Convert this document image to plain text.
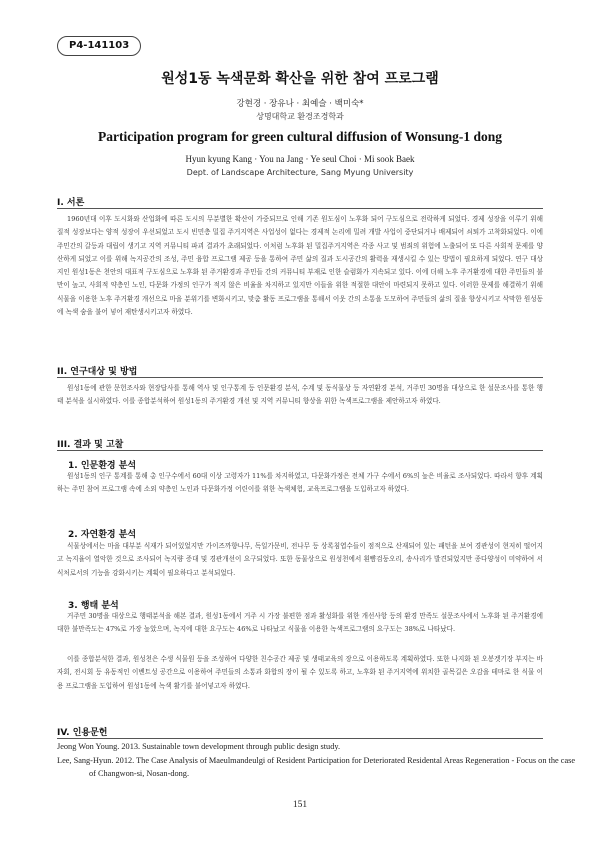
P4-141103
원성1동 녹색문화 확산을 위한 참여 프로그램
강현경 · 장유나 · 최예슬 · 백미숙*
상명대학교 환경조경학과
Participation program for green cultural diffusion of Wonsung-1 dong
Hyun kyung Kang · You na Jang · Ye seul Choi · Mi sook Baek
Dept. of Landscape Architecture, Sang Myung University
I. 서론

1960년대 이후 도시화와 산업화에 따른 도시의 무분별한 확산이 가중되므로 인해 기존 원도심이 노후화 되어 구도심으로 전락하게 되었다. 경제 성장을 이루기 위해 질적 성장보다는 양적 성장이 우선되었고 도시 빈민층 밀집 주거지역은 사업성이 없다는 경제적 논리에 밀려 개발 사업이 중단되거나 배제되어 쇠퇴가 고착화되었다. 이에 주민간의 갈등과 대립이 생기고 지역 커뮤니티 파괴 결과가 초래되었다. 이처럼 노후화 된 밀집주거지역은 각종 사고 및 범죄의 위험에 노출되어 또 다른 사회적 문제를 양산하게 되었고 이를 위해 녹지공간의 조성, 주민 융합 프로그램 제공 등을 통하여 주민 삶의 질과 도시공간의 활력을 재생시킬 수 있는 방법이 필요하게 되었다. 연구 대상지인 원성1동은 천안의 대표적 구도심으로 노후화 된 주거환경과 주민들 간의 커뮤니티 부재로 인한 슬럼화가 지속되고 있다. 이에 더해 노후 주거환경에 대한 주민들의 불만이 높고, 사회적 약층인 노인, 다문화 가정의 인구가 적지 않은 비율을 차지하고 있지만 이들을 위한 적절한 대안이 마련되지 못하고 있다. 이러한 문제를 해결하기 위해 식물을 이용한 노후 주거환경 개선으로 마을 분위기를 변화시키고, 맞춤 활동 프로그램을 통해서 이웃 간의 소통을 도모하여 주민들의 삶의 질을 향상시키고 삭막한 원성동에 녹색 숨을 불어 넣어 재탄생시키고자 하였다.

II. 연구대상 및 방법

원성1동에 관한 문헌조사와 현장답사를 통해 역사 및 인구통계 등 인문환경 분석, 수계 및 동식물상 등 자연환경 분석, 거주민 30명을 대상으로 한 설문조사를 통한 행태 분석을 실시하였다. 이를 종합분석하여 원성1동의 주거환경 개선 및 지역 커뮤니티 향상을 위한 녹색프로그램을 제안하고자 하였다.

III. 결과 및 고찰
1. 인문환경 분석

원성1동의 인구 통계를 통해 총 인구수에서 60대 이상 고령자가 11%를 차지하였고, 다문화가정은 전체 가구 수에서 6%의 높은 비율로 조사되었다. 따라서 향후 계획하는 주민 참여 프로그램 속에 소외 약층인 노인과 다문화가정 어린이를 위한 녹색체험, 교육프로그램을 도입하고자 하였다.

2. 자연환경 분석

식물상에서는 마을 대부분 식재가 되어있었지만 가이즈까향나무, 독일가문비, 전나무 등 상록침엽수들이 점적으로 산재되어 있는 패턴을 보여 경관성이 현저히 떨어지고 녹지율이 열악한 것으로 조사되어 녹지량 증대 및 경관개선이 요구되었다. 또한 동물상으로 원성천에서 흰뺨검둥오리, 송사리가 발견되었지만 종다양성이 미약하여 서식처로서의 기능을 강화시키는 계획이 필요하다고 분석되었다.

3. 행태 분석

거주민 30명을 대상으로 행태분석을 해본 결과, 원성1동에서 거주 시 가장 불편한 점과 활성화를 위한 개선사항 등의 환경 만족도 설문조사에서 노후화 된 주거환경에 대한 불만족도는 47%로 가장 높았으며, 녹지에 대한 요구도는 46%로 나타났고 식물을 이용한 녹색프로그램의 요구도는 38%로 나타났다.

이를 종합분석한 결과, 원성천은 수생 식물원 등을 조성하여 다양한 친수공간 제공 및 생태교육의 장으로 이용하도록 계획하였다. 또한 나지화 된 오봉겟기장 부지는 바자회, 전시회 등 유동적인 이벤트성 공간으로 이용하여 주민들의 소통과 화합의 장이 될 수 있도록 하고, 노후화 된 주거지역에 위치한 골목길은 오감을 테마로 한 식물 이용 프로그램을 도입하여 원성1동에 녹색 활기를 불어넣고자 하였다.

IV. 인용문헌

Jeong Won Young. 2013. Sustainable town development through public design study.

Lee, Sang-Hyun. 2012. The Case Analysis of Maeulmandeulgi of Resident Participation for Deteriorated Residental Areas Regeneration - Focus on the case of Changwon-si, Nosan-dong.

151
